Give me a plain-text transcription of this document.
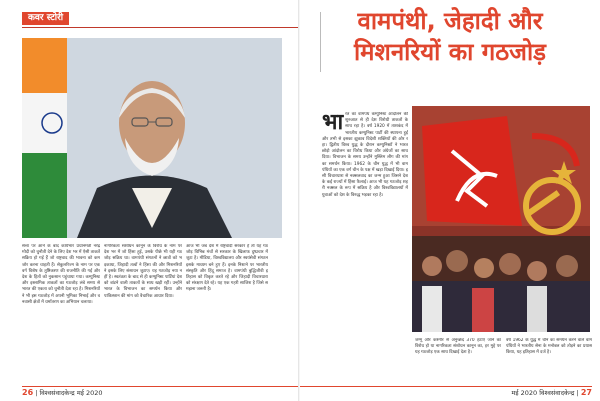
कवर स्टोरी

सत्ता पर आने के बाद कार्यभार प्रधानमंत्री नरेंद्र मोदी को चुनौती देने के लिए देश भर में ऐसी ताकतें सक्रिय हो गई हैं जो राष्ट्रवाद की भावना को कमजोर करना चाहती हैं। सेकुलरिज्म के नाम पर एक वर्ग विशेष के तुष्टिकरण की राजनीति की गई और देश के हितों को नुकसान पहुंचाया गया। कम्युनिस्ट और इस्लामिक ताकतों का गठजोड़ लंबे समय से भारत की एकता को चुनौती देता रहा है। मिशनरियों ने भी इस गठजोड़ में अपनी भूमिका निभाई और वनवासी क्षेत्रों में धर्मांतरण का अभियान चलाया।

नागरिकता संशोधन कानून के विरोध के नाम पर देश भर में जो हिंसा हुई, उसके पीछे भी यही गठजोड़ सक्रिय था। वामपंथी संगठनों ने छात्रों को भड़काया, जिहादी तत्वों ने हिंसा की और मिशनरियों ने इसके लिए संसाधन जुटाए। यह गठजोड़ नया नहीं है। स्वतंत्रता के बाद से ही कम्युनिस्ट पार्टियां देश को बांटने वाली ताकतों के साथ खड़ी रहीं। उन्होंने भारत के विभाजन का समर्थन किया और पाकिस्तान की मांग को वैचारिक आधार दिया।

आज भी जब देश में राष्ट्रवादी सरकार है तो यह गठजोड़ विभिन्न मंचों से सरकार के खिलाफ दुष्प्रचार में जुटा है। मीडिया, विश्वविद्यालय और स्वयंसेवी संगठन इसके माध्यम बने हुए हैं। इनके निशाने पर भारतीय संस्कृति और हिंदू समाज है। वामपंथी बुद्धिजीवी इतिहास को विकृत करते रहे और जिहादी विचारधारा को संरक्षण देते रहे। यह एक गहरी साजिश है जिसे समझना जरूरी है।

26 | विश्वसंवादकेन्द्र मई 2020
वामपंथी, जेहादी और
मिशनरियों का गठजोड़

भारत का वामपंथ कम्युनिस्ट आंदोलन की शुरुआत से ही देश विरोधी ताकतों के साथ रहा है। वर्ष 1920 में ताशकंद में भारतीय कम्युनिस्ट पार्टी की स्थापना हुई और तभी से इसका झुकाव विदेशी शक्तियों की ओर रहा। द्वितीय विश्व युद्ध के दौरान कम्युनिस्टों ने भारत छोड़ो आंदोलन का विरोध किया और अंग्रेजों का साथ दिया। विभाजन के समय उन्होंने मुस्लिम लीग की मांग का समर्थन किया। 1962 के चीन युद्ध में भी वामपंथियों का एक वर्ग चीन के पक्ष में खड़ा दिखाई दिया। इसी विचारधारा से नक्सलवाद का जन्म हुआ जिसने देश के कई राज्यों में हिंसा फैलाई। आज भी यह गठजोड़ शहरी नक्सल के रूप में सक्रिय है और विश्वविद्यालयों में युवाओं को देश के विरुद्ध भड़का रहा है।

जम्मू और कश्मीर से अनुच्छेद 370 हटाए जाने का विरोध हो या नागरिकता संशोधन कानून का, हर मुद्दे पर यह गठजोड़ एक साथ दिखाई देता है।

वर्ष 1962 के युद्ध में चीन का समर्थन करने वाले वामपंथियों ने भारतीय सेना के मनोबल को तोड़ने का प्रयास किया, यह इतिहास में दर्ज है।

मई 2020 विश्वसंवादकेन्द्र | 27
